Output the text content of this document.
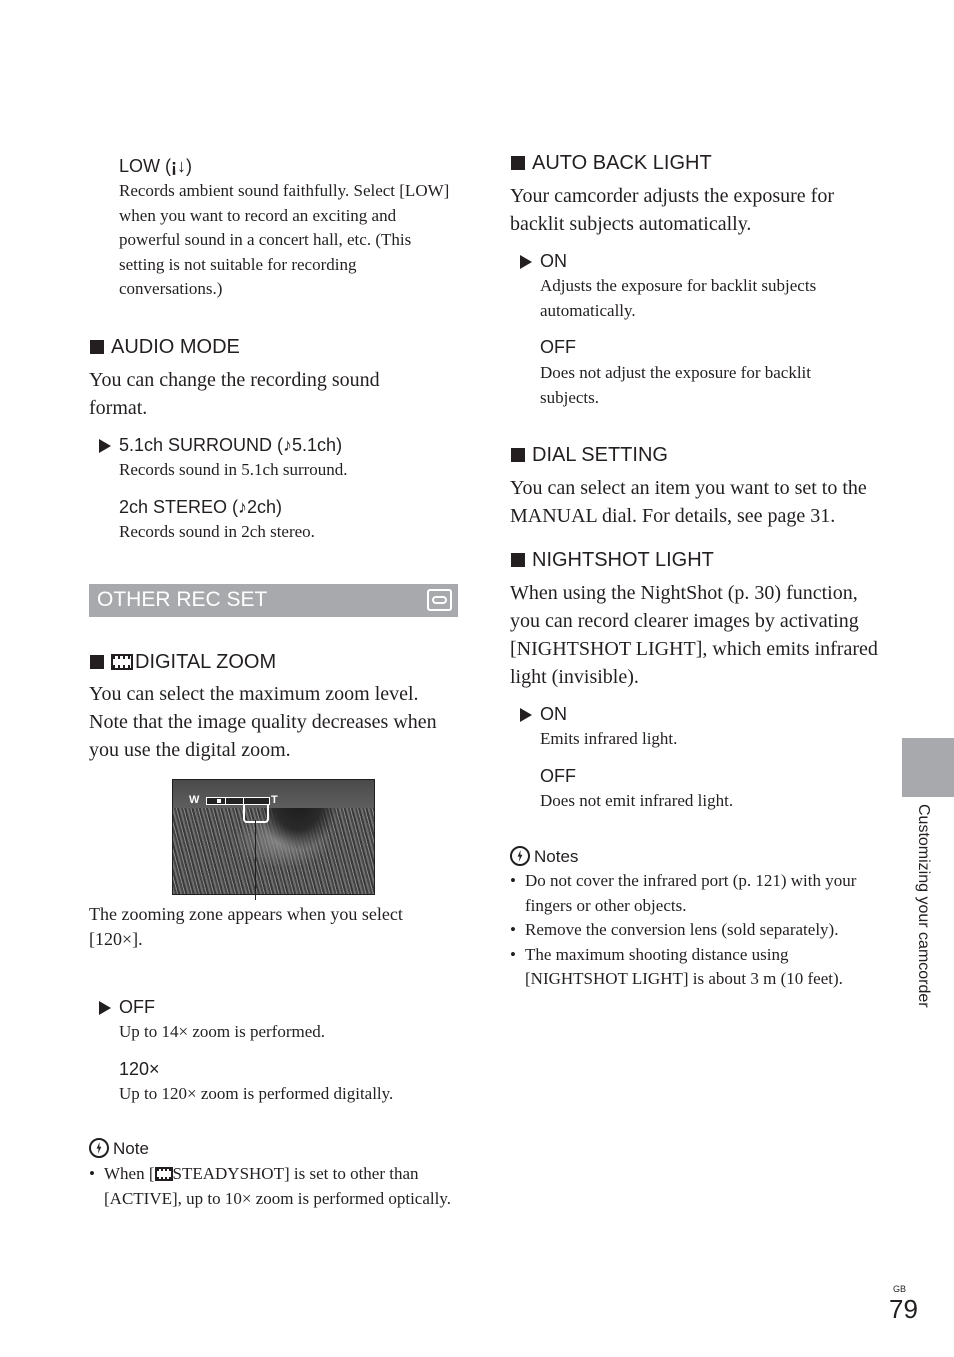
LOW (¡↓)
Records ambient sound faithfully. Select [LOW] when you want to record an exciting and powerful sound in a concert hall, etc. (This setting is not suitable for recording conversations.)
AUDIO MODE
You can change the recording sound format.
5.1ch SURROUND (♪5.1ch)
Records sound in 5.1ch surround.
2ch STEREO (♪2ch)
Records sound in 2ch stereo.
OTHER REC SET
DIGITAL ZOOM
You can select the maximum zoom level. Note that the image quality decreases when you use the digital zoom.
W	T
The zooming zone appears when you select [120×].
OFF
Up to 14× zoom is performed.
120×
Up to 120× zoom is performed digitally.
Note
• When [ STEADYSHOT] is set to other than [ACTIVE], up to 10× zoom is performed optically.
AUTO BACK LIGHT
Your camcorder adjusts the exposure for backlit subjects automatically.
ON
Adjusts the exposure for backlit subjects automatically.
OFF
Does not adjust the exposure for backlit subjects.
DIAL SETTING
You can select an item you want to set to the MANUAL dial. For details, see page 31.
NIGHTSHOT LIGHT
When using the NightShot (p. 30) function, you can record clearer images by activating [NIGHTSHOT LIGHT], which emits infrared light (invisible).
ON
Emits infrared light.
OFF
Does not emit infrared light.
Notes
• Do not cover the infrared port (p. 121) with your fingers or other objects.
• Remove the conversion lens (sold separately).
• The maximum shooting distance using [NIGHTSHOT LIGHT] is about 3 m (10 feet).	Customizing your camcorder
GB
79
